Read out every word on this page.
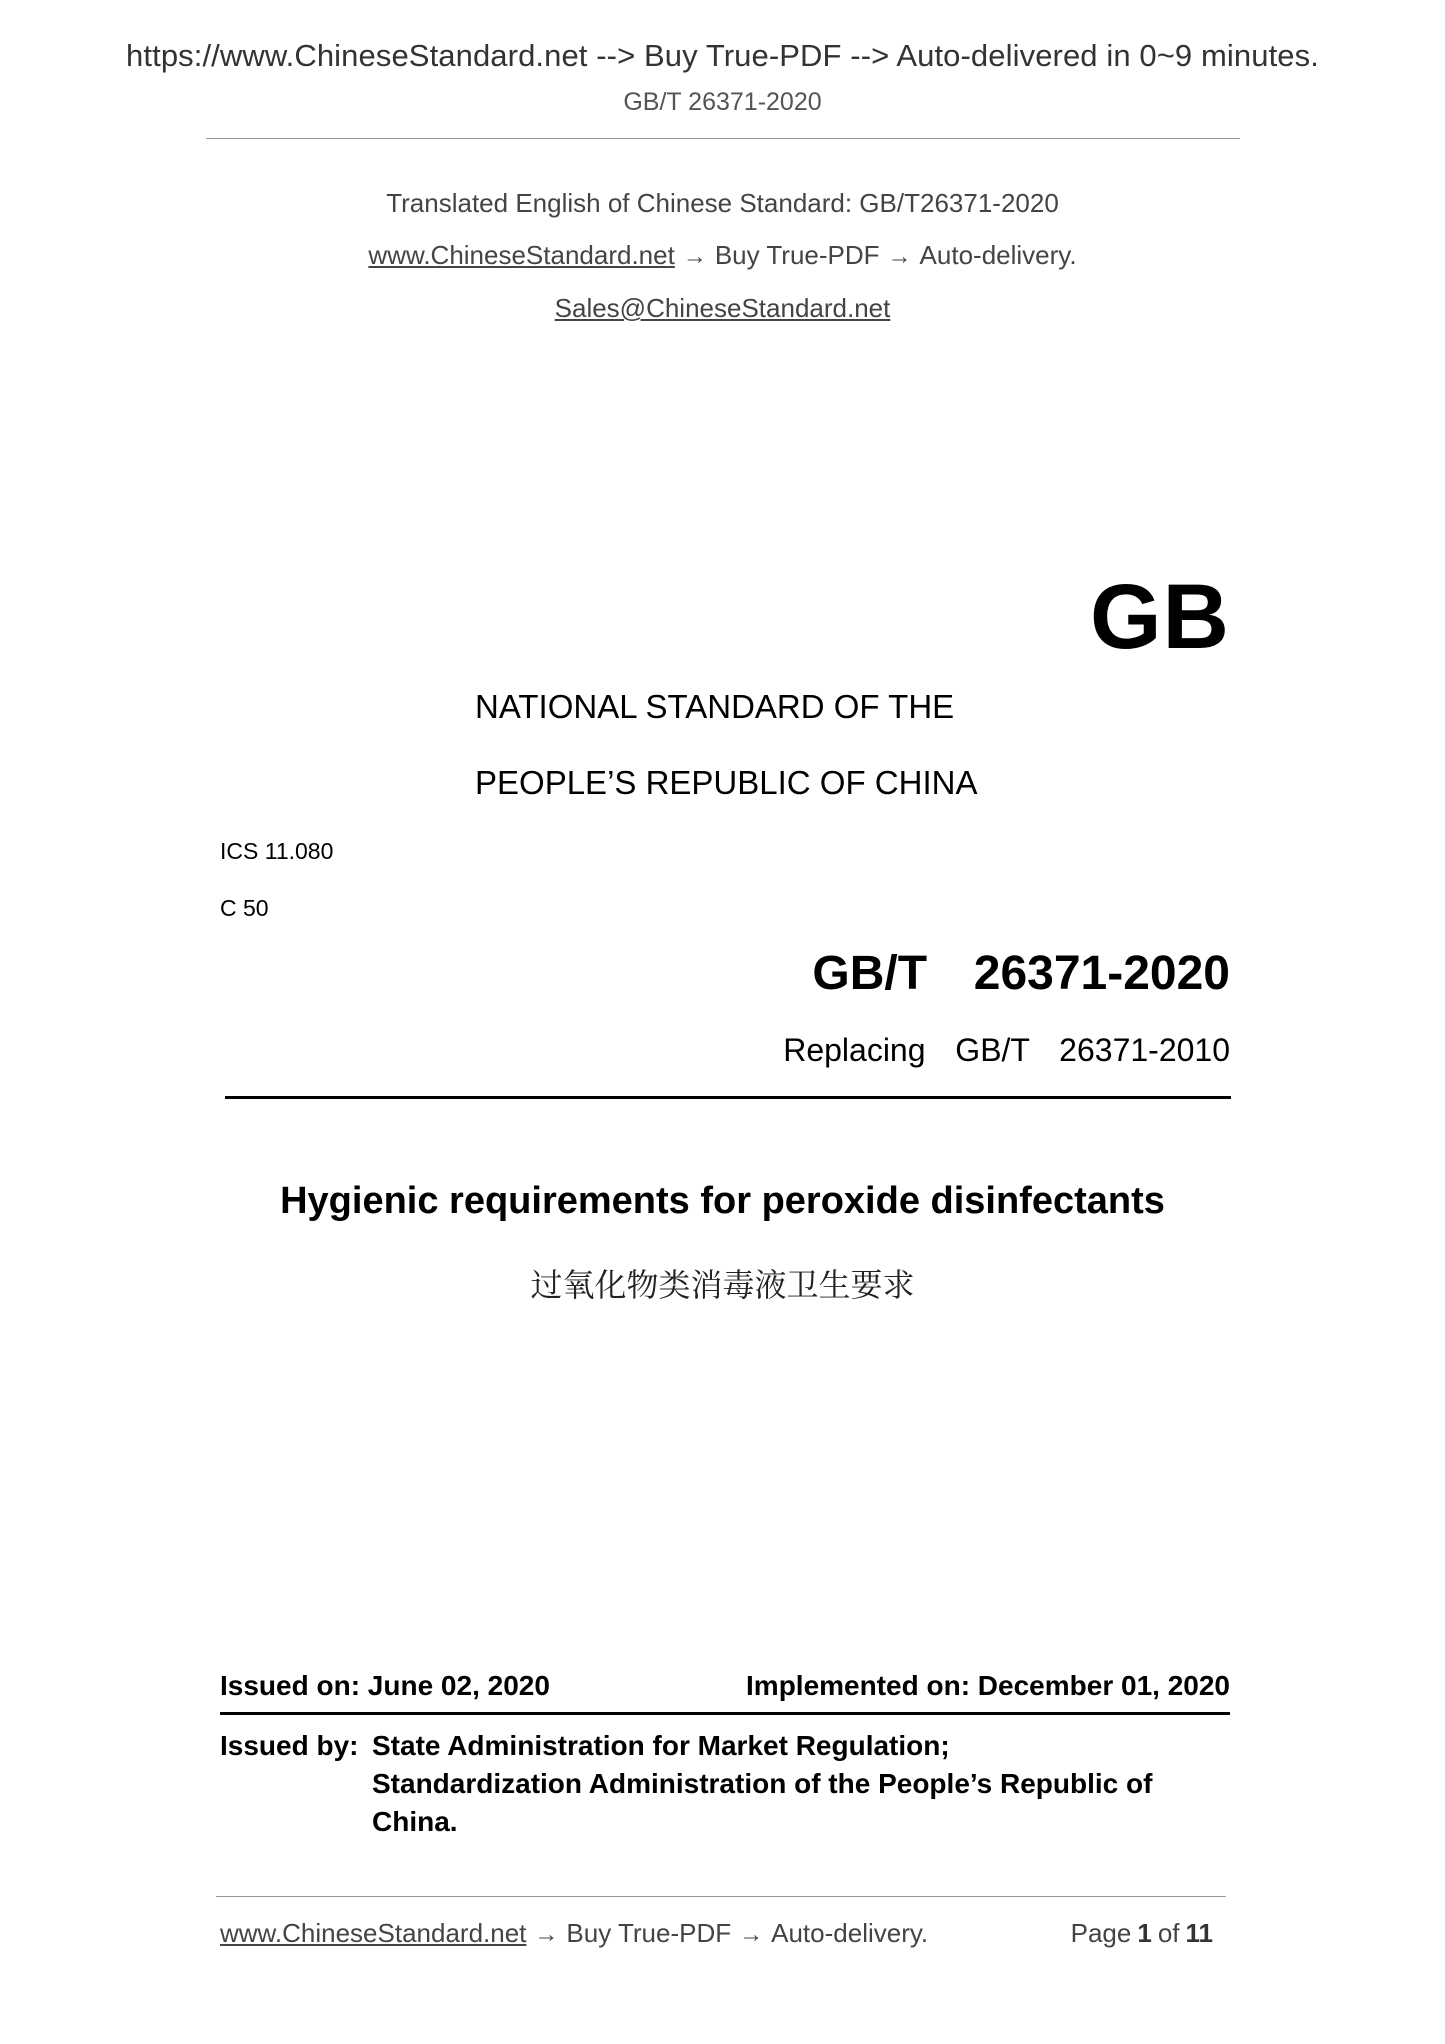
https://www.ChineseStandard.net --> Buy True-PDF --> Auto-delivered in 0~9 minutes.
GB/T 26371-2020
Translated English of Chinese Standard: GB/T26371-2020
www.ChineseStandard.net → Buy True-PDF → Auto-delivery.
Sales@ChineseStandard.net
GB
NATIONAL STANDARD OF THE
PEOPLE’S REPUBLIC OF CHINA
ICS 11.080
C 50
GB/T  26371-2020
Replacing  GB/T  26371-2010
Hygienic requirements for peroxide disinfectants
过氧化物类消毒液卫生要求
Issued on: June 02, 2020	Implemented on: December 01, 2020
Issued by: State Administration for Market Regulation;
Standardization Administration of the People’s Republic of China.
www.ChineseStandard.net → Buy True-PDF → Auto-delivery.	Page 1 of 11
